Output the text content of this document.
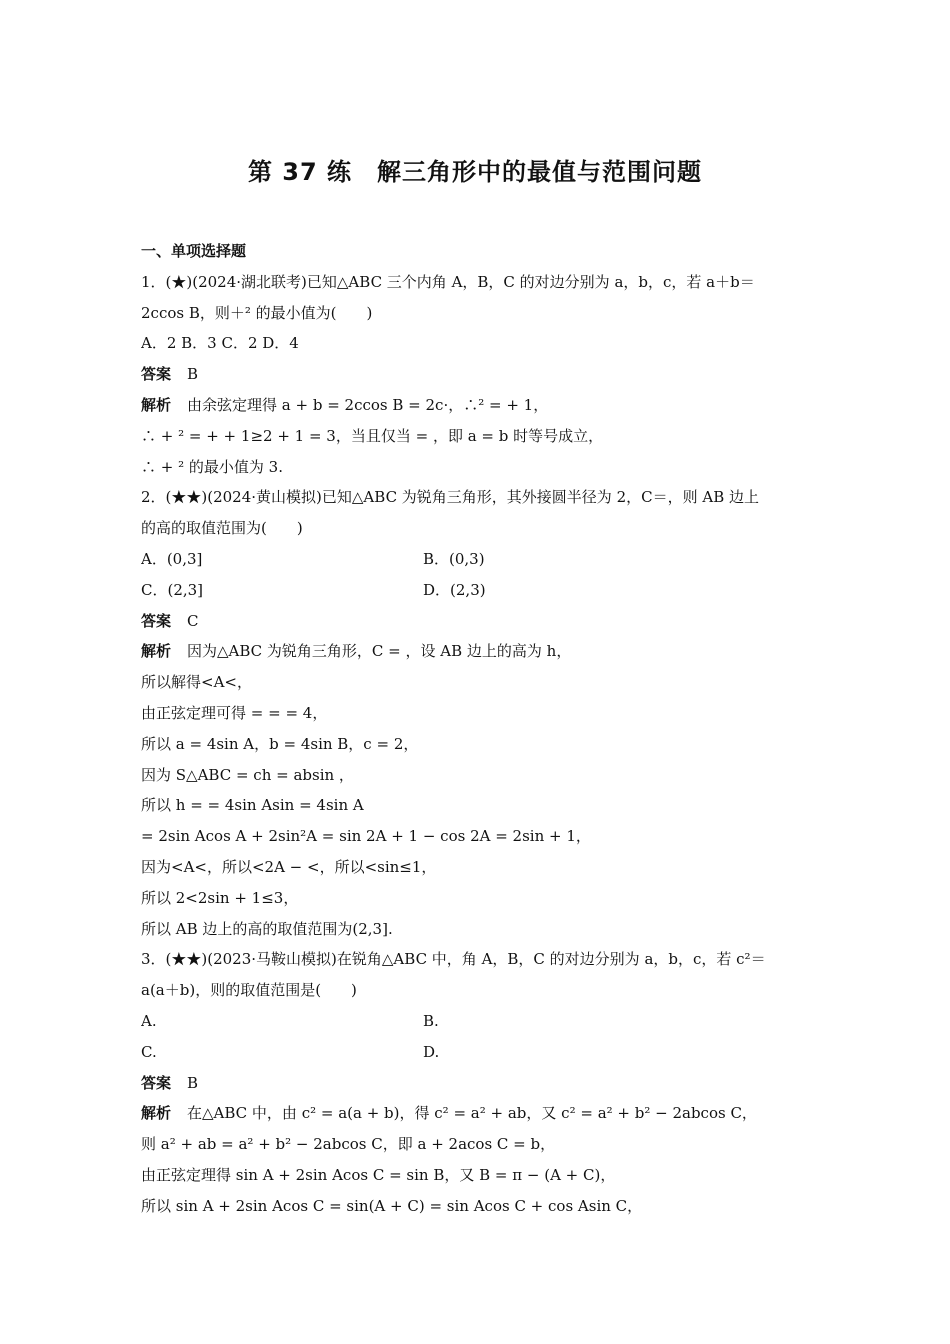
第 37 练　解三角形中的最值与范围问题
一、单项选择题
1．(★)(2024·湖北联考)已知△ABC 三个内角 A，B，C 的对边分别为 a，b，c，若 a＋b＝
2ccos B，则＋² 的最小值为(　　)
A．2 B．3 C．2 D．4
答案 B
解析 由余弦定理得 a + b = 2ccos B = 2c·，∴² = + 1，
∴ + ² = + + 1≥2 + 1 = 3，当且仅当 = ，即 a = b 时等号成立，
∴ + ² 的最小值为 3.
2．(★★)(2024·黄山模拟)已知△ABC 为锐角三角形，其外接圆半径为 2，C＝，则 AB 边上
的高的取值范围为(　　)
A．(0,3]	B．(0,3)
C．(2,3]	D．(2,3)
答案 C
解析 因为△ABC 为锐角三角形，C = ，设 AB 边上的高为 h，
所以解得<A<，
由正弦定理可得 = = = 4，
所以 a = 4sin A，b = 4sin B，c = 2，
因为 S△ABC = ch = absin ，
所以 h = = 4sin Asin = 4sin A
= 2sin Acos A + 2sin²A = sin 2A + 1 − cos 2A = 2sin + 1，
因为<A<，所以<2A − <，所以<sin≤1，
所以 2<2sin + 1≤3，
所以 AB 边上的高的取值范围为(2,3].
3．(★★)(2023·马鞍山模拟)在锐角△ABC 中，角 A，B，C 的对边分别为 a，b，c，若 c²＝
a(a＋b)，则的取值范围是(　　)
A.	B.
C.	D.
答案 B
解析 在△ABC 中，由 c² = a(a + b)，得 c² = a² + ab，又 c² = a² + b² − 2abcos C，
则 a² + ab = a² + b² − 2abcos C，即 a + 2acos C = b，
由正弦定理得 sin A + 2sin Acos C = sin B，又 B = π − (A + C)，
所以 sin A + 2sin Acos C = sin(A + C) = sin Acos C + cos Asin C，
